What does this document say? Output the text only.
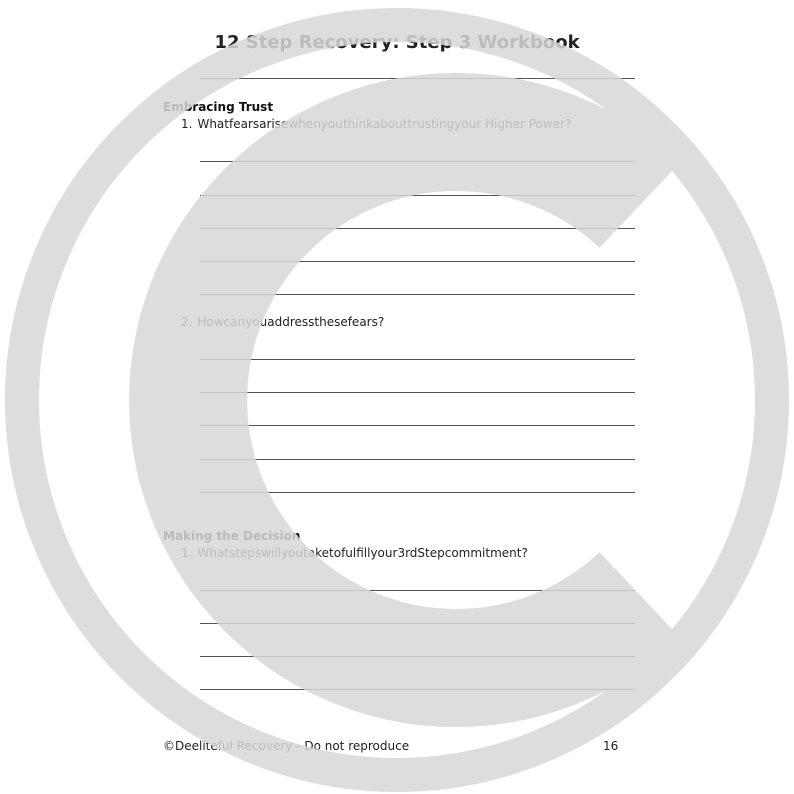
12 Step Recovery: Step 3 Workbook
Embracing Trust
1. Whatfearsarisewhenyouthinkabouttrustingyour Higher Power?
2. Howcanyouaddressthesefears?
Making the Decision
1. Whatstepswillyoutaketofulfillyour3rdStepcommitment?
©Deeliteful Recovery - Do not reproduce	16
